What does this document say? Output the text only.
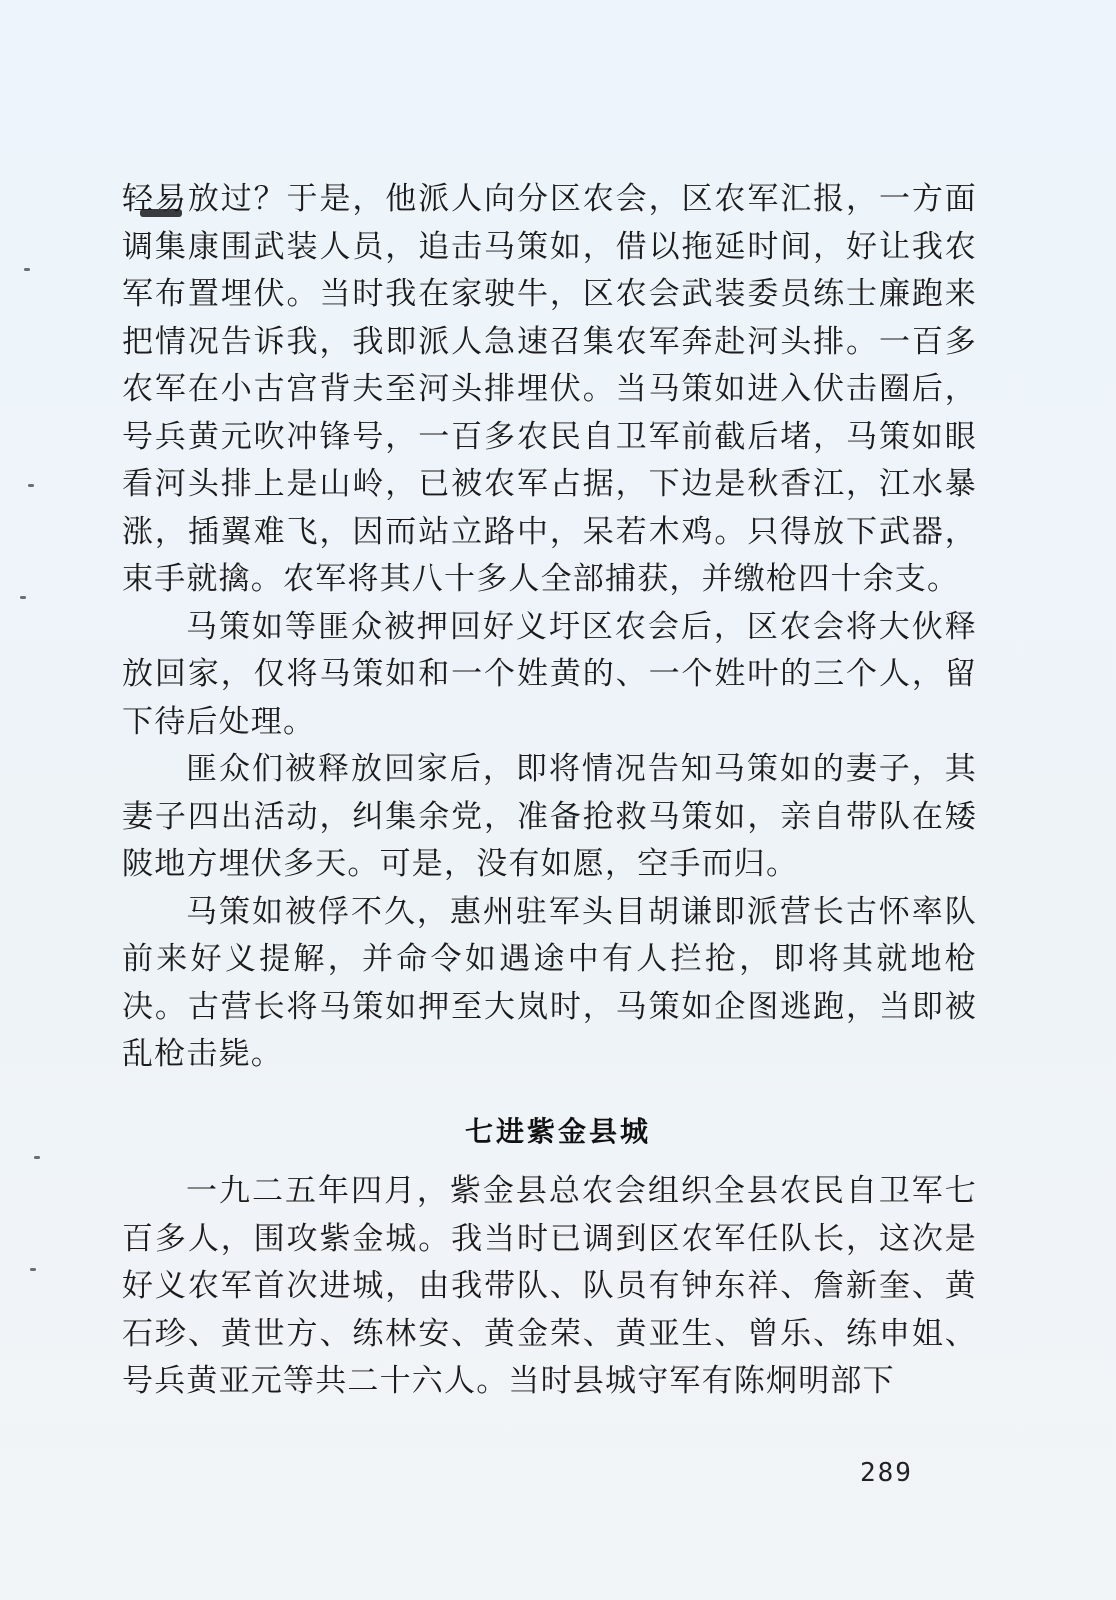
轻易放过？于是，他派人向分区农会，区农军汇报，一方面调集康围武装人员，追击马策如，借以拖延时间，好让我农军布置埋伏。当时我在家驶牛，区农会武装委员练士廉跑来把情况告诉我，我即派人急速召集农军奔赴河头排。一百多农军在小古宫背夫至河头排埋伏。当马策如进入伏击圈后，号兵黄元吹冲锋号，一百多农民自卫军前截后堵，马策如眼看河头排上是山岭，已被农军占据，下边是秋香江，江水暴涨，插翼难飞，因而站立路中，呆若木鸡。只得放下武器，束手就擒。农军将其八十多人全部捕获，并缴枪四十余支。

马策如等匪众被押回好义圩区农会后，区农会将大伙释放回家，仅将马策如和一个姓黄的、一个姓叶的三个人，留下待后处理。

匪众们被释放回家后，即将情况告知马策如的妻子，其妻子四出活动，纠集余党，准备抢救马策如，亲自带队在矮陂地方埋伏多天。可是，没有如愿，空手而归。

马策如被俘不久，惠州驻军头目胡谦即派营长古怀率队前来好义提解，并命令如遇途中有人拦抢，即将其就地枪决。古营长将马策如押至大岚时，马策如企图逃跑，当即被乱枪击毙。

七进紫金县城

一九二五年四月，紫金县总农会组织全县农民自卫军七百多人，围攻紫金城。我当时已调到区农军任队长，这次是好义农军首次进城，由我带队、队员有钟东祥、詹新奎、黄石珍、黄世方、练林安、黄金荣、黄亚生、曾乐、练申姐、号兵黄亚元等共二十六人。当时县城守军有陈炯明部下

289
